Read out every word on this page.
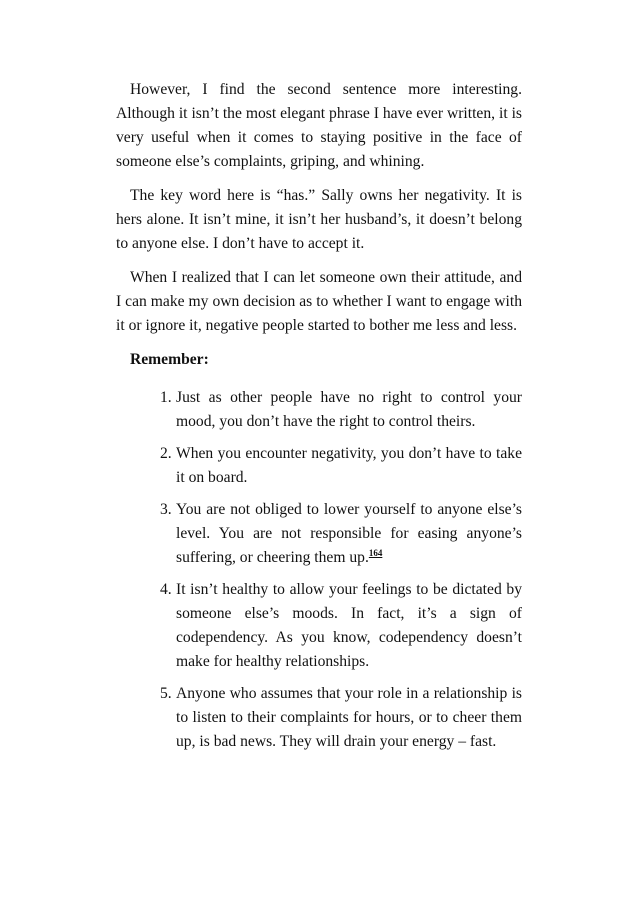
However, I find the second sentence more interesting. Although it isn’t the most elegant phrase I have ever written, it is very useful when it comes to staying positive in the face of someone else’s complaints, griping, and whining.

The key word here is “has.” Sally owns her negativity. It is hers alone. It isn’t mine, it isn’t her husband’s, it doesn’t belong to anyone else. I don’t have to accept it.

When I realized that I can let someone own their attitude, and I can make my own decision as to whether I want to engage with it or ignore it, negative people started to bother me less and less.

Remember:
1. Just as other people have no right to control your mood, you don’t have the right to control theirs.
2. When you encounter negativity, you don’t have to take it on board.
3. You are not obliged to lower yourself to anyone else’s level. You are not responsible for easing anyone’s suffering, or cheering them up.$^{164}$
4. It isn’t healthy to allow your feelings to be dictated by someone else’s moods. In fact, it’s a sign of codependency. As you know, codependency doesn’t make for healthy relationships.
5. Anyone who assumes that your role in a relationship is to listen to their complaints for hours, or to cheer them up, is bad news. They will drain your energy – fast.
